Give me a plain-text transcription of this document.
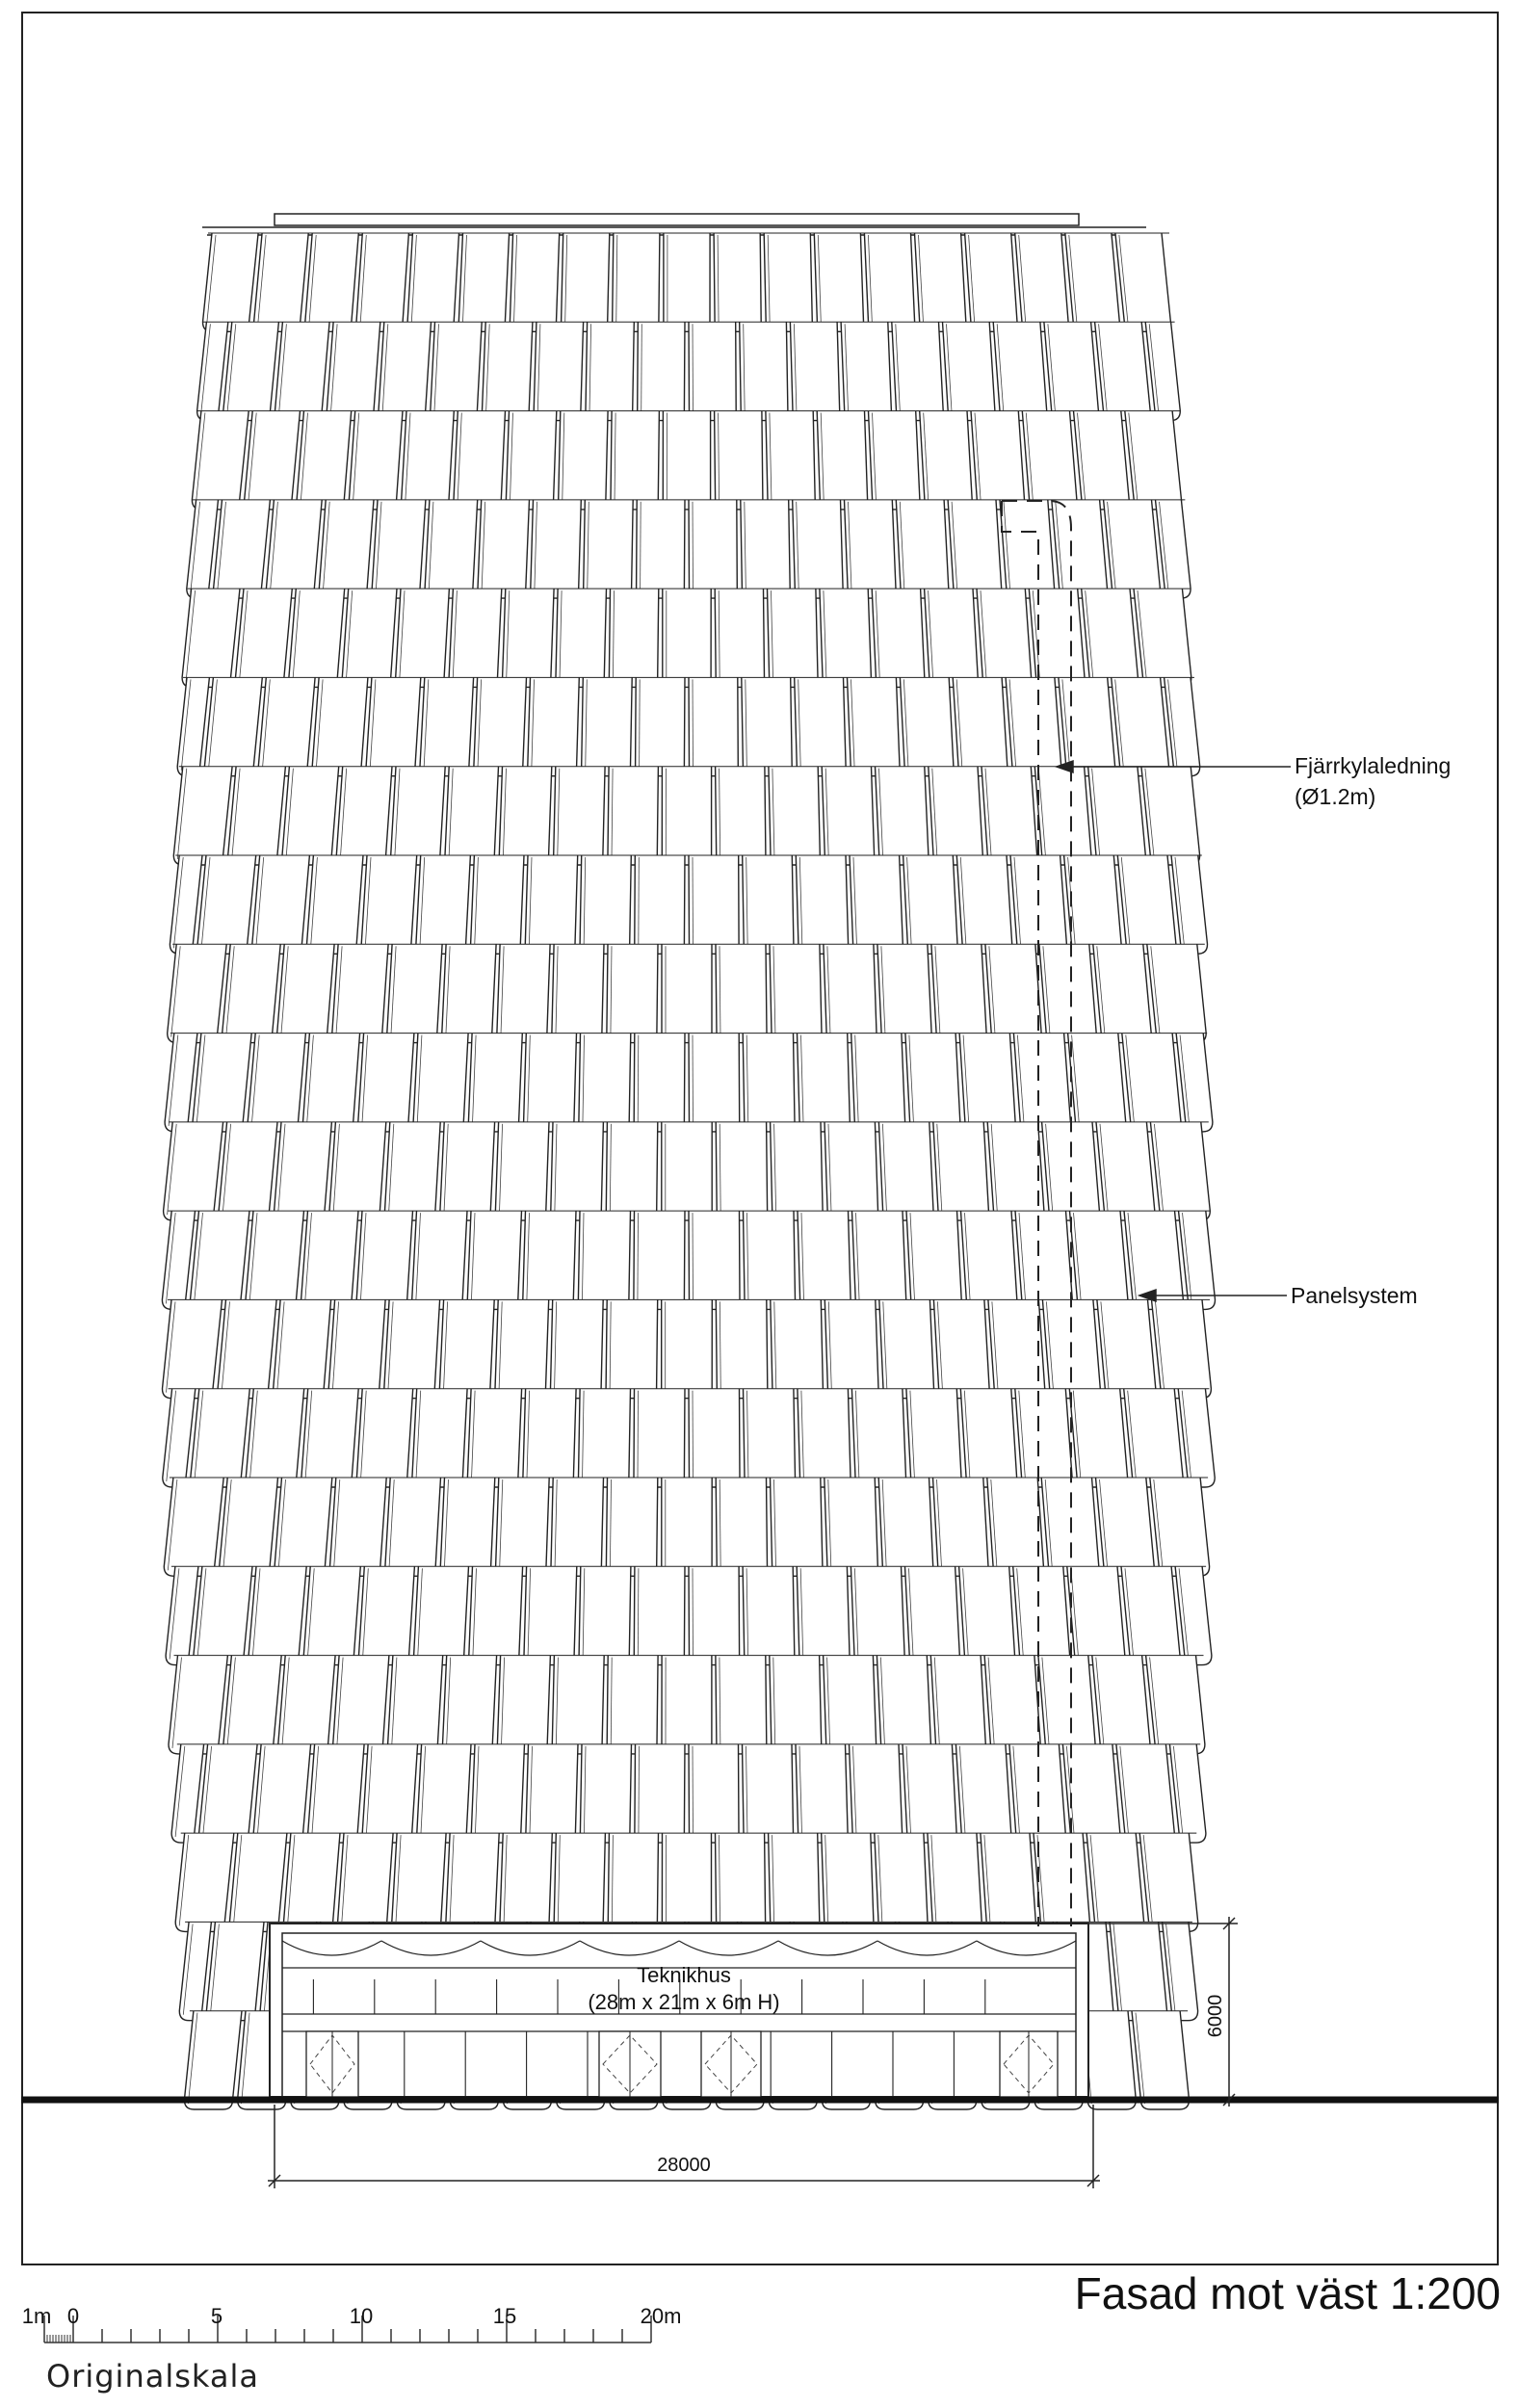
28000
6000
Teknikhus
(28m x 21m x 6m H)
Fjärrkylaledning
(Ø1.2m)
Panelsystem
1m 0	5	10	15	20m
Originalskala
Fasad mot väst 1:200
